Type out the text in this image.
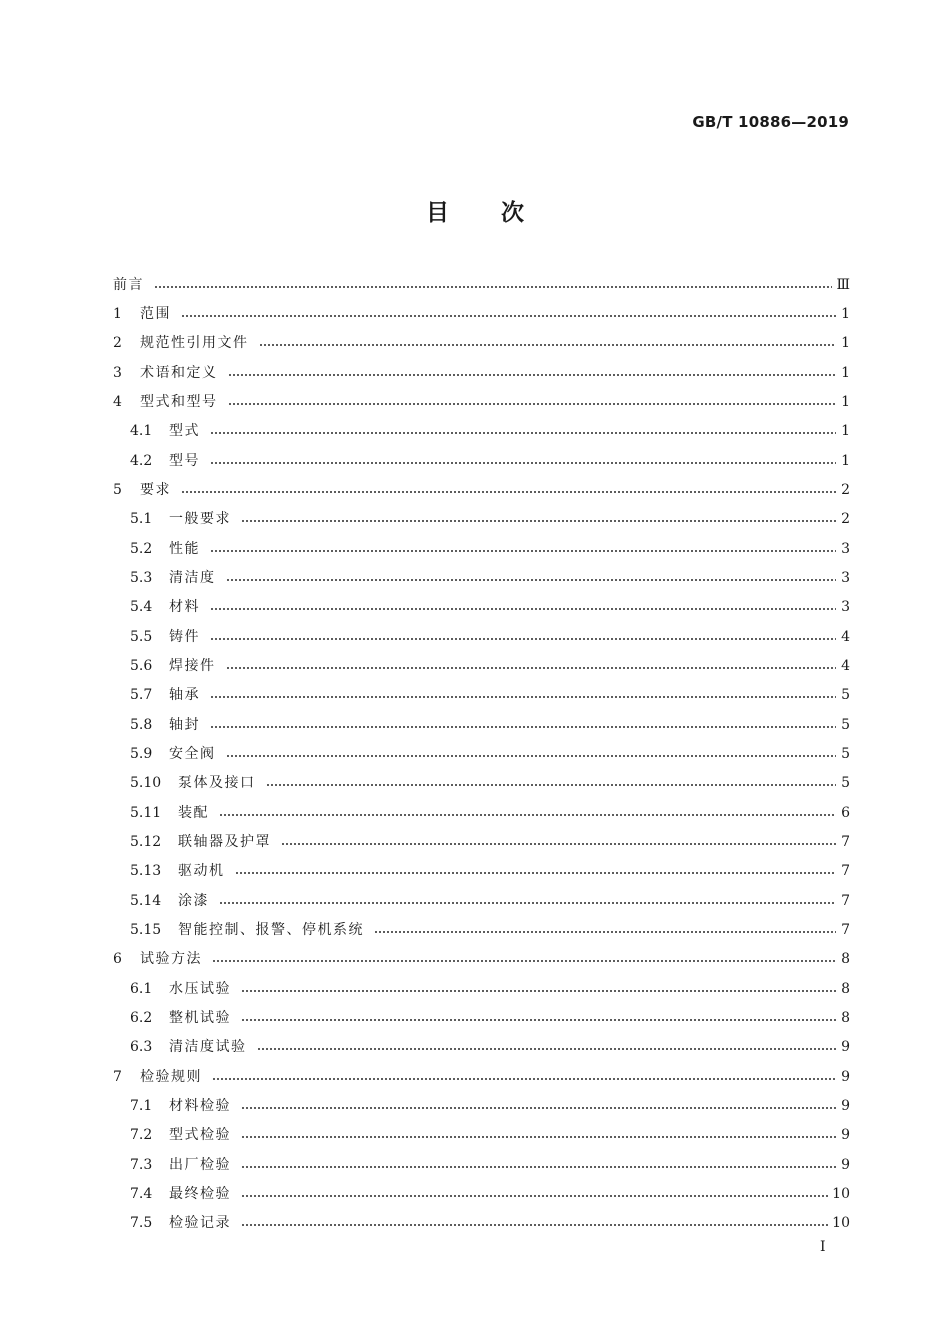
GB/T 10886—2019
目次
前言	Ⅲ
1	范围	1
2	规范性引用文件	1
3	术语和定义	1
4	型式和型号	1
4.1	型式	1
4.2	型号	1
5	要求	2
5.1	一般要求	2
5.2	性能	3
5.3	清洁度	3
5.4	材料	3
5.5	铸件	4
5.6	焊接件	4
5.7	轴承	5
5.8	轴封	5
5.9	安全阀	5
5.10	泵体及接口	5
5.11	装配	6
5.12	联轴器及护罩	7
5.13	驱动机	7
5.14	涂漆	7
5.15	智能控制、报警、停机系统	7
6	试验方法	8
6.1	水压试验	8
6.2	整机试验	8
6.3	清洁度试验	9
7	检验规则	9
7.1	材料检验	9
7.2	型式检验	9
7.3	出厂检验	9
7.4	最终检验	10
7.5	检验记录	10
I
